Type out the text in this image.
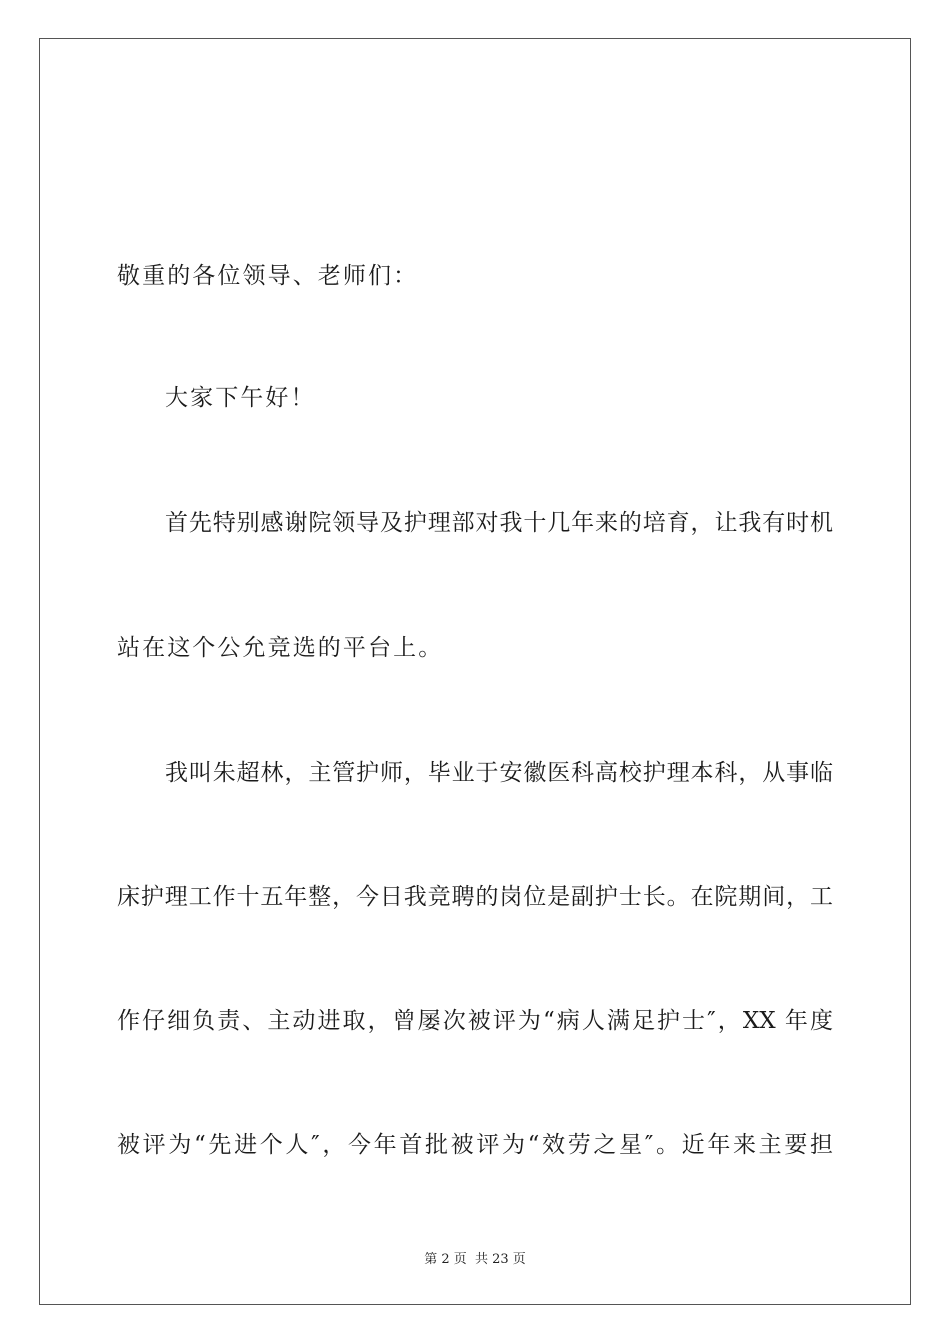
敬重的各位领导、老师们：
大家下午好！
首先特别感谢院领导及护理部对我十几年来的培育，让我有时机
站在这个公允竞选的平台上。
我叫朱超林，主管护师，毕业于安徽医科高校护理本科，从事临
床护理工作十五年整，今日我竞聘的岗位是副护士长。在院期间，工
作仔细负责、主动进取，曾屡次被评为“病人满足护士″，XX 年度
被评为“先进个人″，今年首批被评为“效劳之星″。近年来主要担
第 2 页 共 23 页
